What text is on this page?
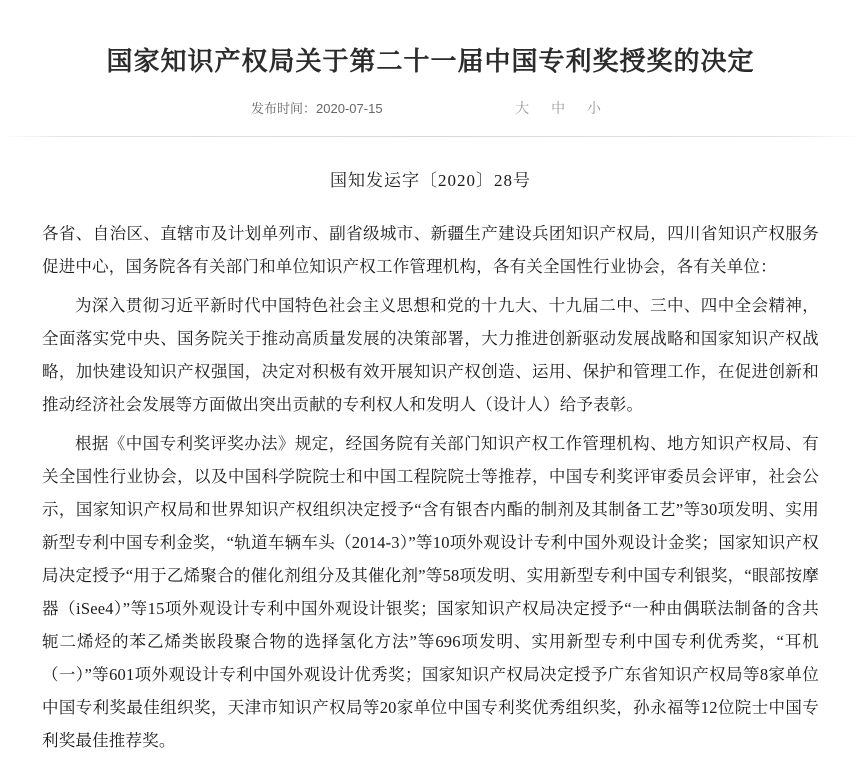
国家知识产权局关于第二十一届中国专利奖授奖的决定
发布时间：2020-07-15	大 中 小
国知发运字〔2020〕28号

各省、自治区、直辖市及计划单列市、副省级城市、新疆生产建设兵团知识产权局，四川省知识产权服务促进中心，国务院各有关部门和单位知识产权工作管理机构，各有关全国性行业协会，各有关单位：

为深入贯彻习近平新时代中国特色社会主义思想和党的十九大、十九届二中、三中、四中全会精神，全面落实党中央、国务院关于推动高质量发展的决策部署，大力推进创新驱动发展战略和国家知识产权战略，加快建设知识产权强国，决定对积极有效开展知识产权创造、运用、保护和管理工作，在促进创新和推动经济社会发展等方面做出突出贡献的专利权人和发明人（设计人）给予表彰。

根据《中国专利奖评奖办法》规定，经国务院有关部门知识产权工作管理机构、地方知识产权局、有关全国性行业协会，以及中国科学院院士和中国工程院院士等推荐，中国专利奖评审委员会评审，社会公示，国家知识产权局和世界知识产权组织决定授予“含有银杏内酯的制剂及其制备工艺”等30项发明、实用新型专利中国专利金奖，“轨道车辆车头（2014-3）”等10项外观设计专利中国外观设计金奖；国家知识产权局决定授予“用于乙烯聚合的催化剂组分及其催化剂”等58项发明、实用新型专利中国专利银奖，“眼部按摩器（iSee4）”等15项外观设计专利中国外观设计银奖；国家知识产权局决定授予“一种由偶联法制备的含共轭二烯烃的苯乙烯类嵌段聚合物的选择氢化方法”等696项发明、实用新型专利中国专利优秀奖，“耳机（一）”等601项外观设计专利中国外观设计优秀奖；国家知识产权局决定授予广东省知识产权局等8家单位中国专利奖最佳组织奖，天津市知识产权局等20家单位中国专利奖优秀组织奖，孙永福等12位院士中国专利奖最佳推荐奖。
